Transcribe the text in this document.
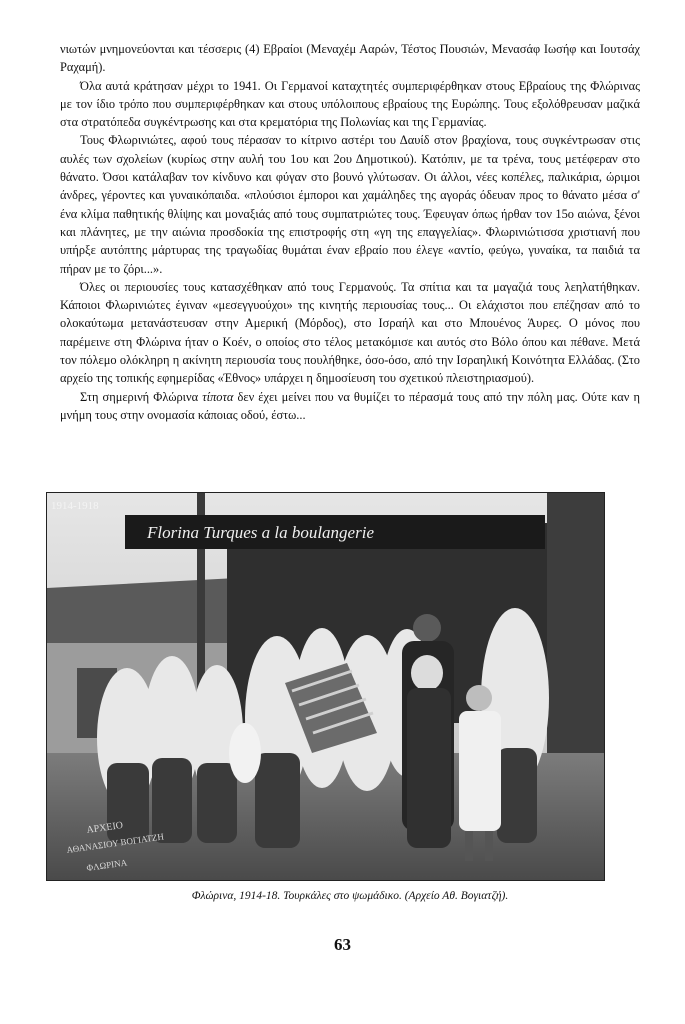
νιωτών μνημονεύονται και τέσσερις (4) Εβραίοι (Μεναχέμ Ααρών, Τέστος Πουσιών, Μενασάφ Ιωσήφ και Ιουτσάχ Ραχαμή).

Όλα αυτά κράτησαν μέχρι το 1941. Οι Γερμανοί καταχτητές συμπεριφέρθηκαν στους Εβραίους της Φλώρινας με τον ίδιο τρόπο που συμπεριφέρθηκαν και στους υπόλοιπους εβραίους της Ευρώπης. Τους εξολόθρευσαν μαζικά στα στρατόπεδα συγκέντρωσης και στα κρεματόρια της Πολωνίας και της Γερμανίας.

Τους Φλωρινιώτες, αφού τους πέρασαν το κίτρινο αστέρι του Δαυίδ στον βραχίονα, τους συγκέντρωσαν στις αυλές των σχολείων (κυρίως στην αυλή του 1ου και 2ου Δημοτικού). Κατόπιν, με τα τρένα, τους μετέφεραν στο θάνατο. Όσοι κατάλαβαν τον κίνδυνο και φύγαν στο βουνό γλύτωσαν. Οι άλλοι, νέες κοπέλες, παλικάρια, ώριμοι άνδρες, γέροντες και γυναικόπαιδα. «πλούσιοι έμποροι και χαμάληδες της αγοράς όδευαν προς το θάνατο μέσα σ' ένα κλίμα παθητικής θλίψης και μοναξιάς από τους συμπατριώτες τους. Έφευγαν όπως ήρθαν τον 15ο αιώνα, ξένοι και πλάνητες, με την αιώνια προσδοκία της επιστροφής στη «γη της επαγγελίας». Φλωρινιώτισσα χριστιανή που υπήρξε αυτόπτης μάρτυρας της τραγωδίας θυμάται έναν εβραίο που έλεγε «αντίο, φεύγω, γυναίκα, τα παιδιά τα πήραν με το ζόρι...».

Όλες οι περιουσίες τους κατασχέθηκαν από τους Γερμανούς. Τα σπίτια και τα μαγαζιά τους λεηλατήθηκαν. Κάποιοι Φλωρινιώτες έγιναν «μεσεγγυούχοι» της κινητής περιουσίας τους... Οι ελάχιστοι που επέζησαν από το ολοκαύτωμα μετανάστευσαν στην Αμερική (Μόρδος), στο Ισραήλ και στο Μπουένος Άυρες. Ο μόνος που παρέμεινε στη Φλώρινα ήταν ο Κοέν, ο οποίος στο τέλος μετακόμισε και αυτός στο Βόλο όπου και πέθανε. Μετά τον πόλεμο ολόκληρη η ακίνητη περιουσία τους πουλήθηκε, όσο-όσο, από την Ισραηλική Κοινότητα Ελλάδας. (Στο αρχείο της τοπικής εφημερίδας «Έθνος» υπάρχει η δημοσίευση του σχετικού πλειστηριασμού).

Στη σημερινή Φλώρινα τίποτα δεν έχει μείνει που να θυμίζει το πέρασμά τους από την πόλη μας. Ούτε καν η μνήμη τους στην ονομασία κάποιας οδού, έστω...

1914-1918
Florina Turques a la boulangerie
ΑΡΧΕΙΟ
ΑΘΑΝΑΣΙΟΥ ΒΟΓΙΑΤΖΗ
ΦΛΩΡΙΝΑ
Φλώρινα, 1914-18. Τουρκάλες στο ψωμάδικο. (Αρχείο Αθ. Βογιατζή).
63
